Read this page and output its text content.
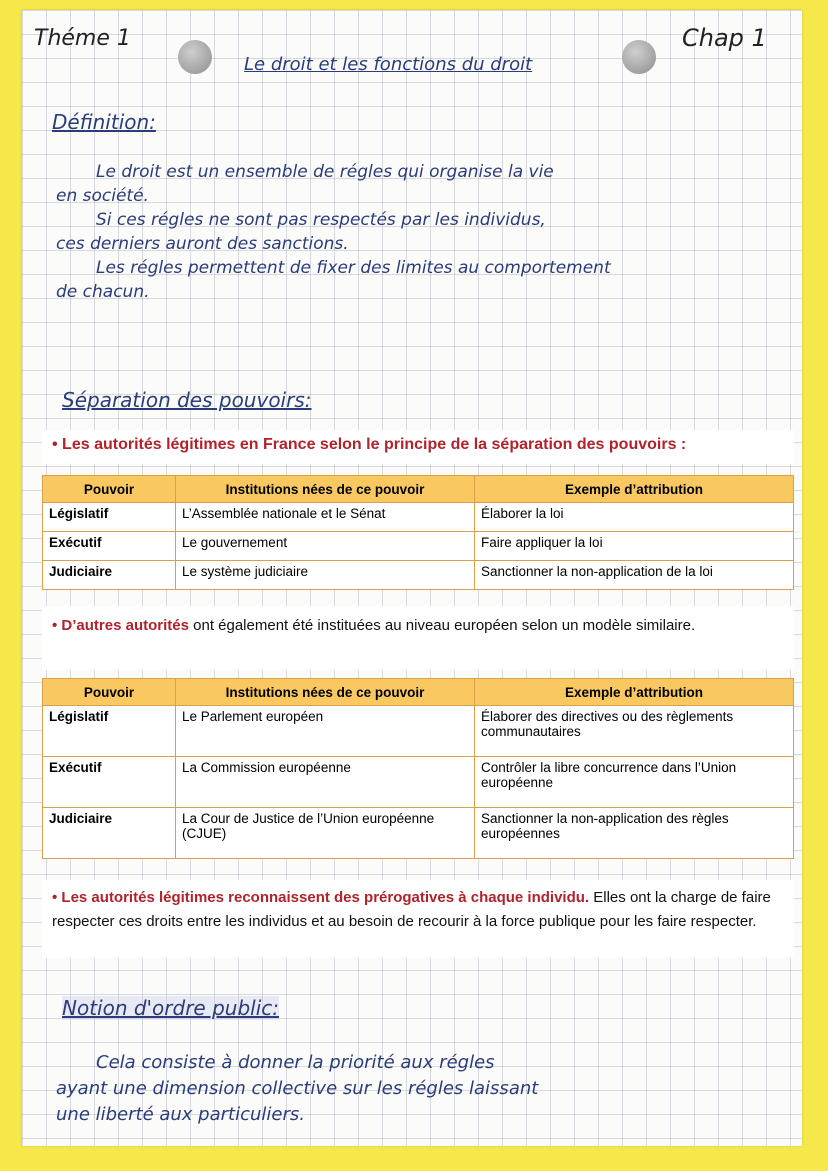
Théme 1	Chap 1
Le droit et les fonctions du droit
Définition:
Le droit est un ensemble de régles qui organise la vie
en société.
Si ces régles ne sont pas respectés par les individus,
ces derniers auront des sanctions.
Les régles permettent de fixer des limites au comportement
de chacun.
Séparation des pouvoirs:
• Les autorités légitimes en France selon le principe de la séparation des pouvoirs :
Pouvoir	Institutions nées de ce pouvoir	Exemple d’attribution
Législatif	L’Assemblée nationale et le Sénat	Élaborer la loi
Exécutif	Le gouvernement	Faire appliquer la loi
Judiciaire	Le système judiciaire	Sanctionner la non-application de la loi
• D’autres autorités ont également été instituées au niveau européen selon un modèle similaire.
Pouvoir	Institutions nées de ce pouvoir	Exemple d’attribution
Législatif	Le Parlement européen	Élaborer des directives ou des règlements communautaires
Exécutif	La Commission européenne	Contrôler la libre concurrence dans l’Union européenne
Judiciaire	La Cour de Justice de l’Union européenne (CJUE)	Sanctionner la non-application des règles européennes
• Les autorités légitimes reconnaissent des prérogatives à chaque individu. Elles ont la charge de faire respecter ces droits entre les individus et au besoin de recourir à la force publique pour les faire respecter.
Notion d'ordre public:
Cela consiste à donner la priorité aux régles
ayant une dimension collective sur les régles laissant
une liberté aux particuliers.
